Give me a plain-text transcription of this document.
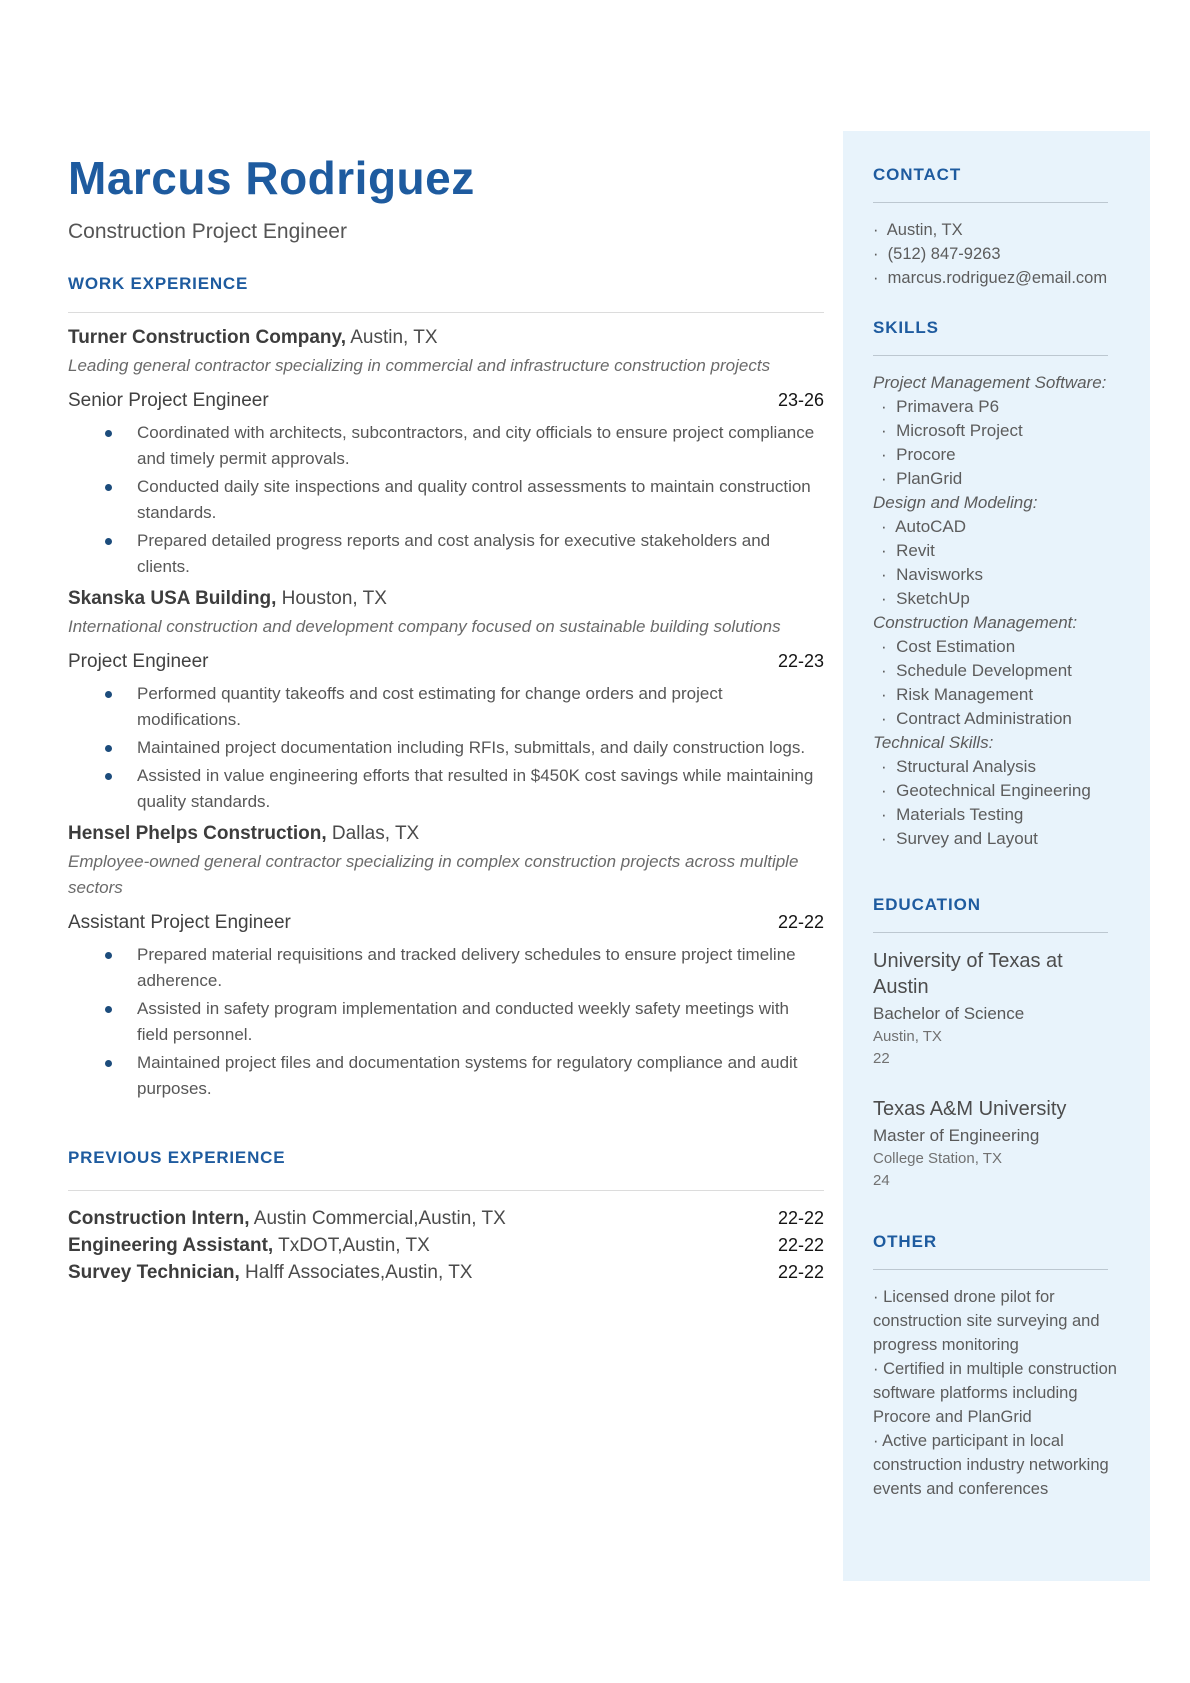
Marcus Rodriguez
Construction Project Engineer
WORK EXPERIENCE
Turner Construction Company, Austin, TX
Leading general contractor specializing in commercial and infrastructure construction projects
Senior Project Engineer	23-26
Coordinated with architects, subcontractors, and city officials to ensure project compliance and timely permit approvals.
Conducted daily site inspections and quality control assessments to maintain construction standards.
Prepared detailed progress reports and cost analysis for executive stakeholders and clients.
Skanska USA Building, Houston, TX
International construction and development company focused on sustainable building solutions
Project Engineer	22-23
Performed quantity takeoffs and cost estimating for change orders and project modifications.
Maintained project documentation including RFIs, submittals, and daily construction logs.
Assisted in value engineering efforts that resulted in $450K cost savings while maintaining quality standards.
Hensel Phelps Construction, Dallas, TX
Employee-owned general contractor specializing in complex construction projects across multiple sectors
Assistant Project Engineer	22-22
Prepared material requisitions and tracked delivery schedules to ensure project timeline adherence.
Assisted in safety program implementation and conducted weekly safety meetings with field personnel.
Maintained project files and documentation systems for regulatory compliance and audit purposes.
PREVIOUS EXPERIENCE
Construction Intern, Austin Commercial,Austin, TX	22-22
Engineering Assistant, TxDOT,Austin, TX	22-22
Survey Technician, Halff Associates,Austin, TX	22-22
CONTACT
· Austin, TX
· (512) 847-9263
· marcus.rodriguez@email.com
SKILLS
Project Management Software:
· Primavera P6
· Microsoft Project
· Procore
· PlanGrid
Design and Modeling:
· AutoCAD
· Revit
· Navisworks
· SketchUp
Construction Management:
· Cost Estimation
· Schedule Development
· Risk Management
· Contract Administration
Technical Skills:
· Structural Analysis
· Geotechnical Engineering
· Materials Testing
· Survey and Layout
EDUCATION
University of Texas at Austin
Bachelor of Science
Austin, TX
22
Texas A&M University
Master of Engineering
College Station, TX
24
OTHER
· Licensed drone pilot for construction site surveying and progress monitoring
· Certified in multiple construction software platforms including Procore and PlanGrid
· Active participant in local construction industry networking events and conferences
